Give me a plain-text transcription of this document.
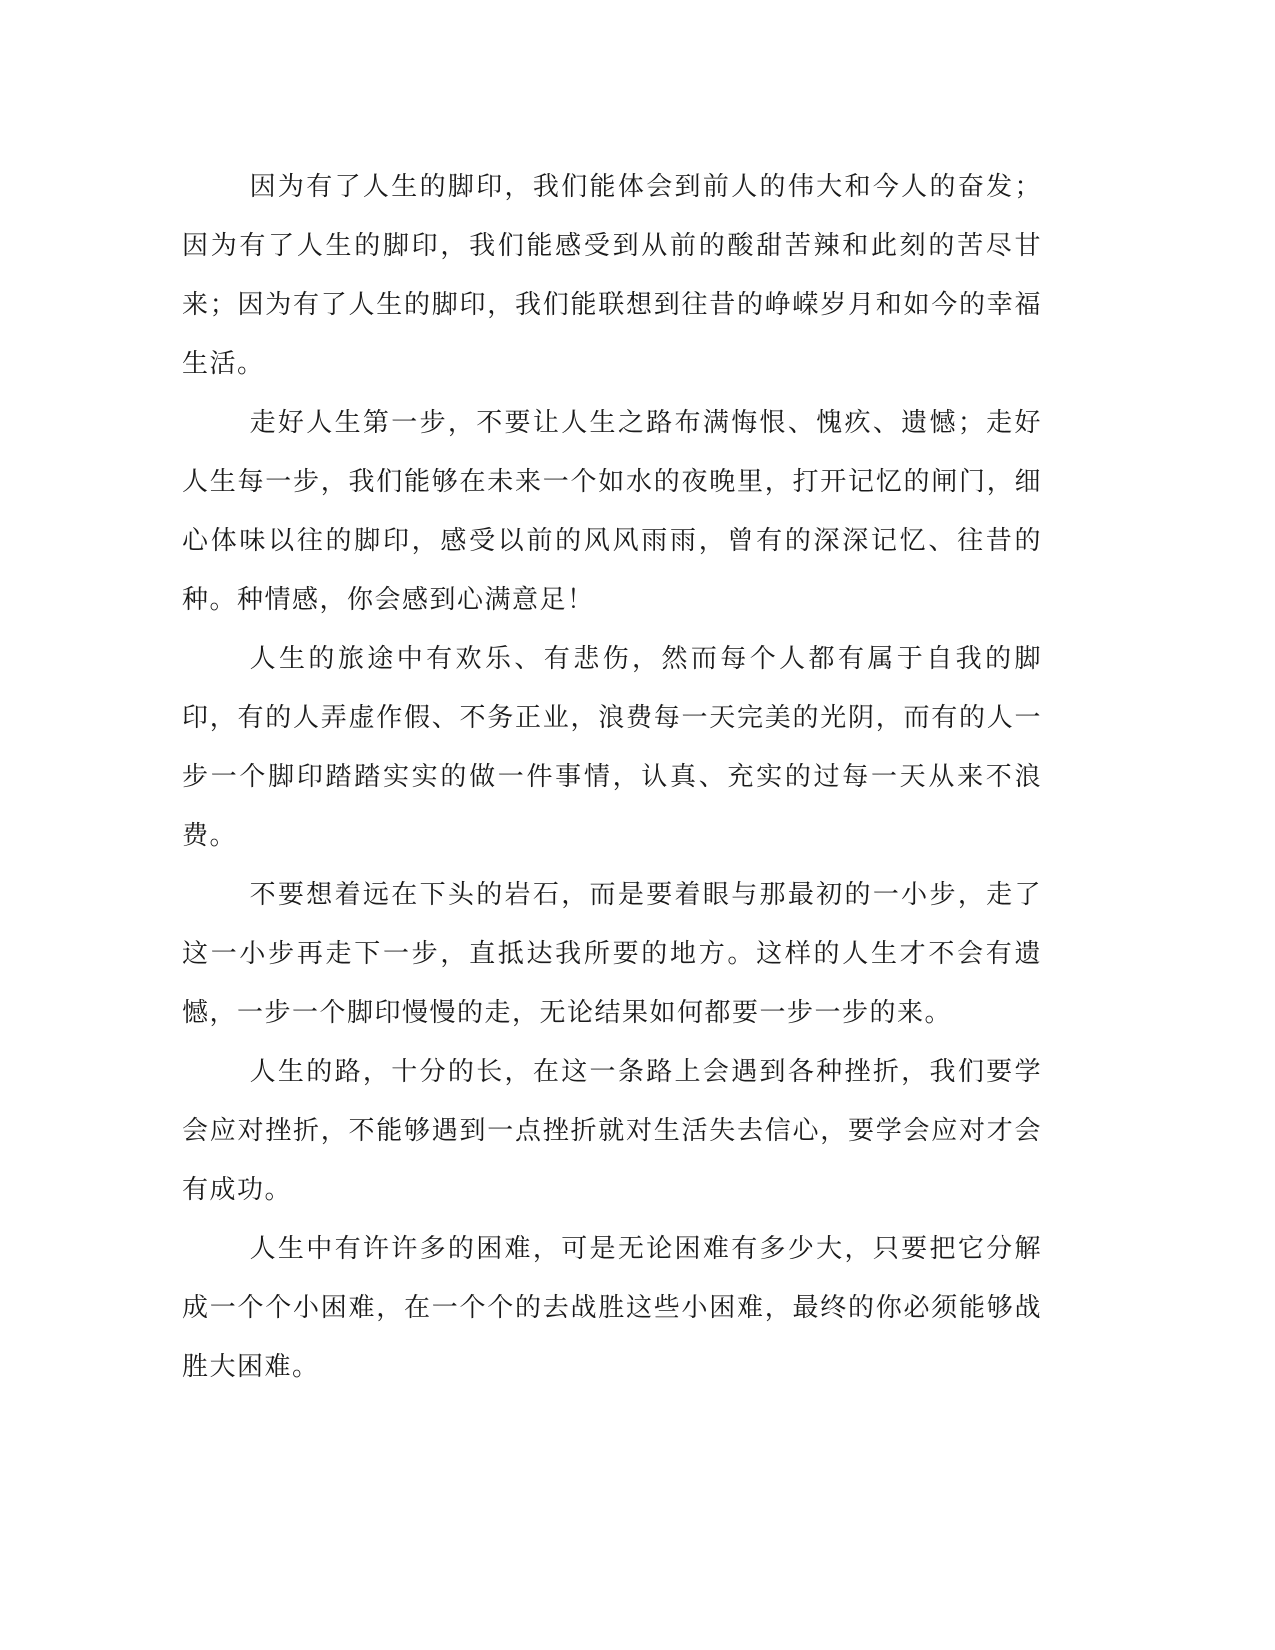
因为有了人生的脚印，我们能体会到前人的伟大和今人的奋发；因为有了人生的脚印，我们能感受到从前的酸甜苦辣和此刻的苦尽甘来；因为有了人生的脚印，我们能联想到往昔的峥嵘岁月和如今的幸福生活。

走好人生第一步，不要让人生之路布满悔恨、愧疚、遗憾；走好人生每一步，我们能够在未来一个如水的夜晚里，打开记忆的闸门，细心体味以往的脚印，感受以前的风风雨雨，曾有的深深记忆、往昔的种。种情感，你会感到心满意足！

人生的旅途中有欢乐、有悲伤，然而每个人都有属于自我的脚印，有的人弄虚作假、不务正业，浪费每一天完美的光阴，而有的人一步一个脚印踏踏实实的做一件事情，认真、充实的过每一天从来不浪费。

不要想着远在下头的岩石，而是要着眼与那最初的一小步，走了这一小步再走下一步，直抵达我所要的地方。这样的人生才不会有遗憾，一步一个脚印慢慢的走，无论结果如何都要一步一步的来。

人生的路，十分的长，在这一条路上会遇到各种挫折，我们要学会应对挫折，不能够遇到一点挫折就对生活失去信心，要学会应对才会有成功。

人生中有许许多的困难，可是无论困难有多少大，只要把它分解成一个个小困难，在一个个的去战胜这些小困难，最终的你必须能够战胜大困难。
